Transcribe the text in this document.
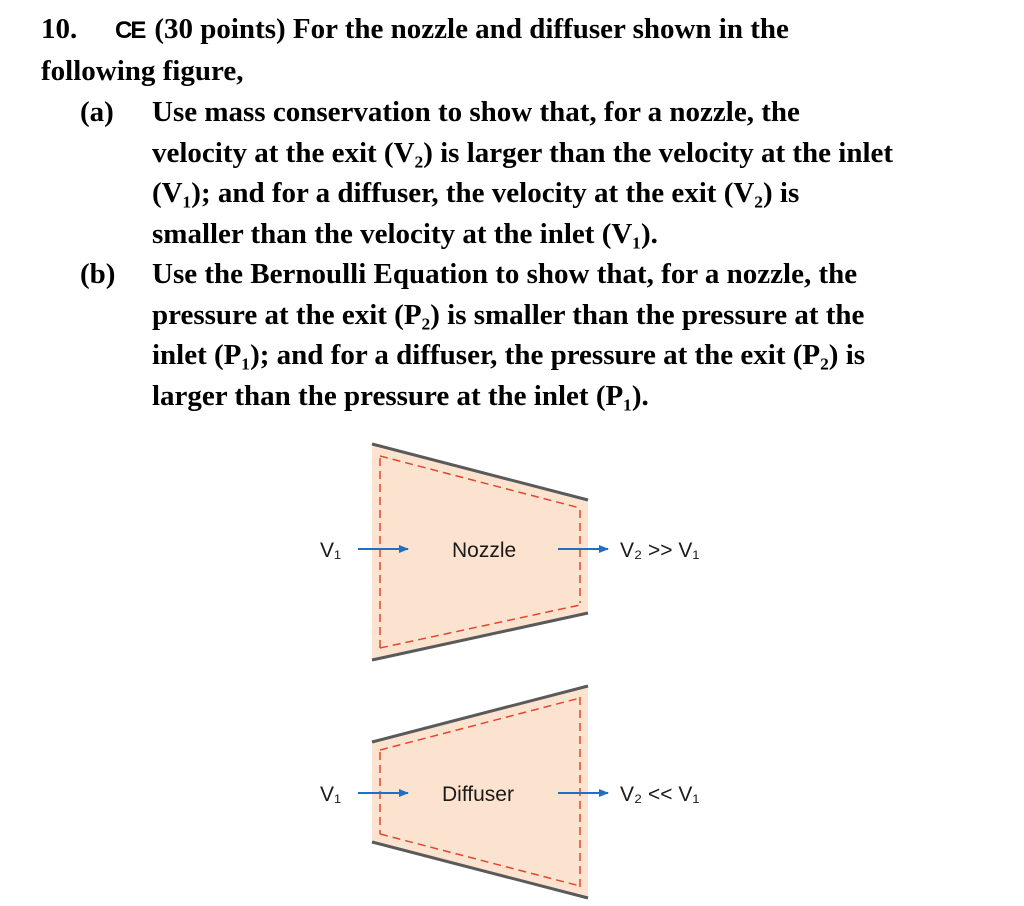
10. CE (30 points) For the nozzle and diffuser shown in the
following figure,
(a) Use mass conservation to show that, for a nozzle, the
velocity at the exit (V₂) is larger than the velocity at the inlet
(V₁); and for a diffuser, the velocity at the exit (V₂) is
smaller than the velocity at the inlet (V₁).
(b) Use the Bernoulli Equation to show that, for a nozzle, the
pressure at the exit (P₂) is smaller than the pressure at the
inlet (P₁); and for a diffuser, the pressure at the exit (P₂) is
larger than the pressure at the inlet (P₁).
V₁	Nozzle	V₂ >> V₁
V₁	Diffuser	V₂ << V₁
